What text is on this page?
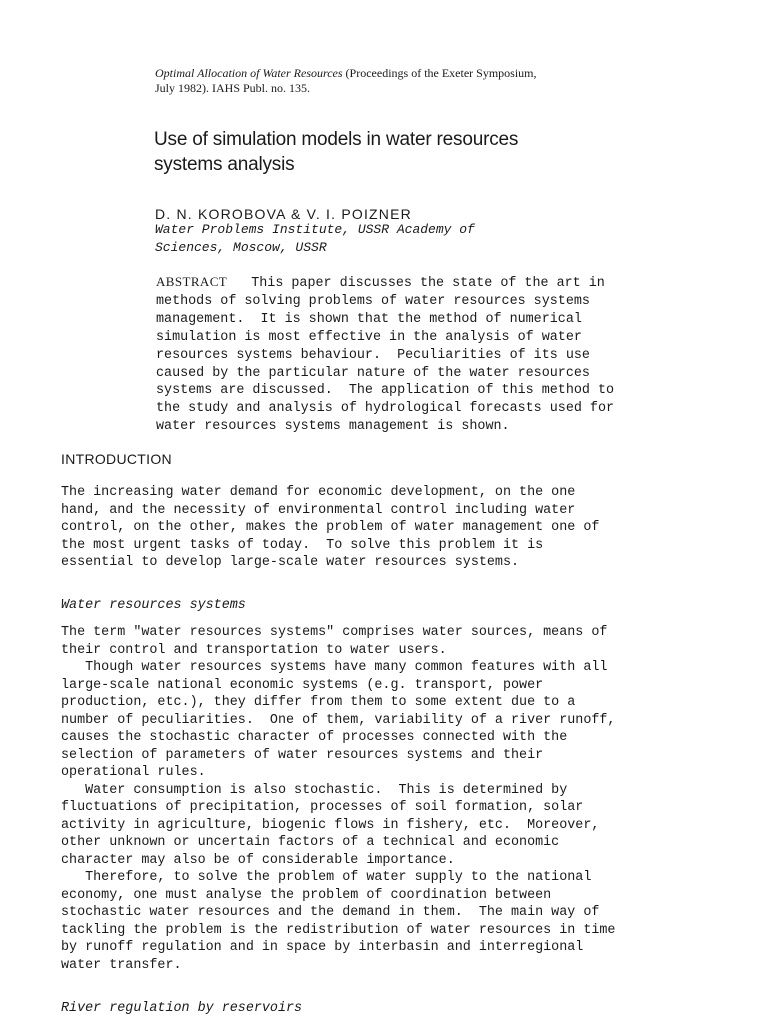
Optimal Allocation of Water Resources (Proceedings of the Exeter Symposium,
July 1982). IAHS Publ. no. 135.
Use of simulation models in water resources
systems analysis
D. N. KOROBOVA & V. I. POIZNER
Water Problems Institute, USSR Academy of
Sciences, Moscow, USSR
ABSTRACT   This paper discusses the state of the art in
methods of solving problems of water resources systems
management.  It is shown that the method of numerical
simulation is most effective in the analysis of water
resources systems behaviour.  Peculiarities of its use
caused by the particular nature of the water resources
systems are discussed.  The application of this method to
the study and analysis of hydrological forecasts used for
water resources systems management is shown.
INTRODUCTION
The increasing water demand for economic development, on the one
hand, and the necessity of environmental control including water
control, on the other, makes the problem of water management one of
the most urgent tasks of today.  To solve this problem it is
essential to develop large-scale water resources systems.
Water resources systems
The term "water resources systems" comprises water sources, means of
their control and transportation to water users.
Though water resources systems have many common features with all
large-scale national economic systems (e.g. transport, power
production, etc.), they differ from them to some extent due to a
number of peculiarities.  One of them, variability of a river runoff,
causes the stochastic character of processes connected with the
selection of parameters of water resources systems and their
operational rules.
Water consumption is also stochastic.  This is determined by
fluctuations of precipitation, processes of soil formation, solar
activity in agriculture, biogenic flows in fishery, etc.  Moreover,
other unknown or uncertain factors of a technical and economic
character may also be of considerable importance.
Therefore, to solve the problem of water supply to the national
economy, one must analyse the problem of coordination between
stochastic water resources and the demand in them.  The main way of
tackling the problem is the redistribution of water resources in time
by runoff regulation and in space by interbasin and interregional
water transfer.
River regulation by reservoirs
